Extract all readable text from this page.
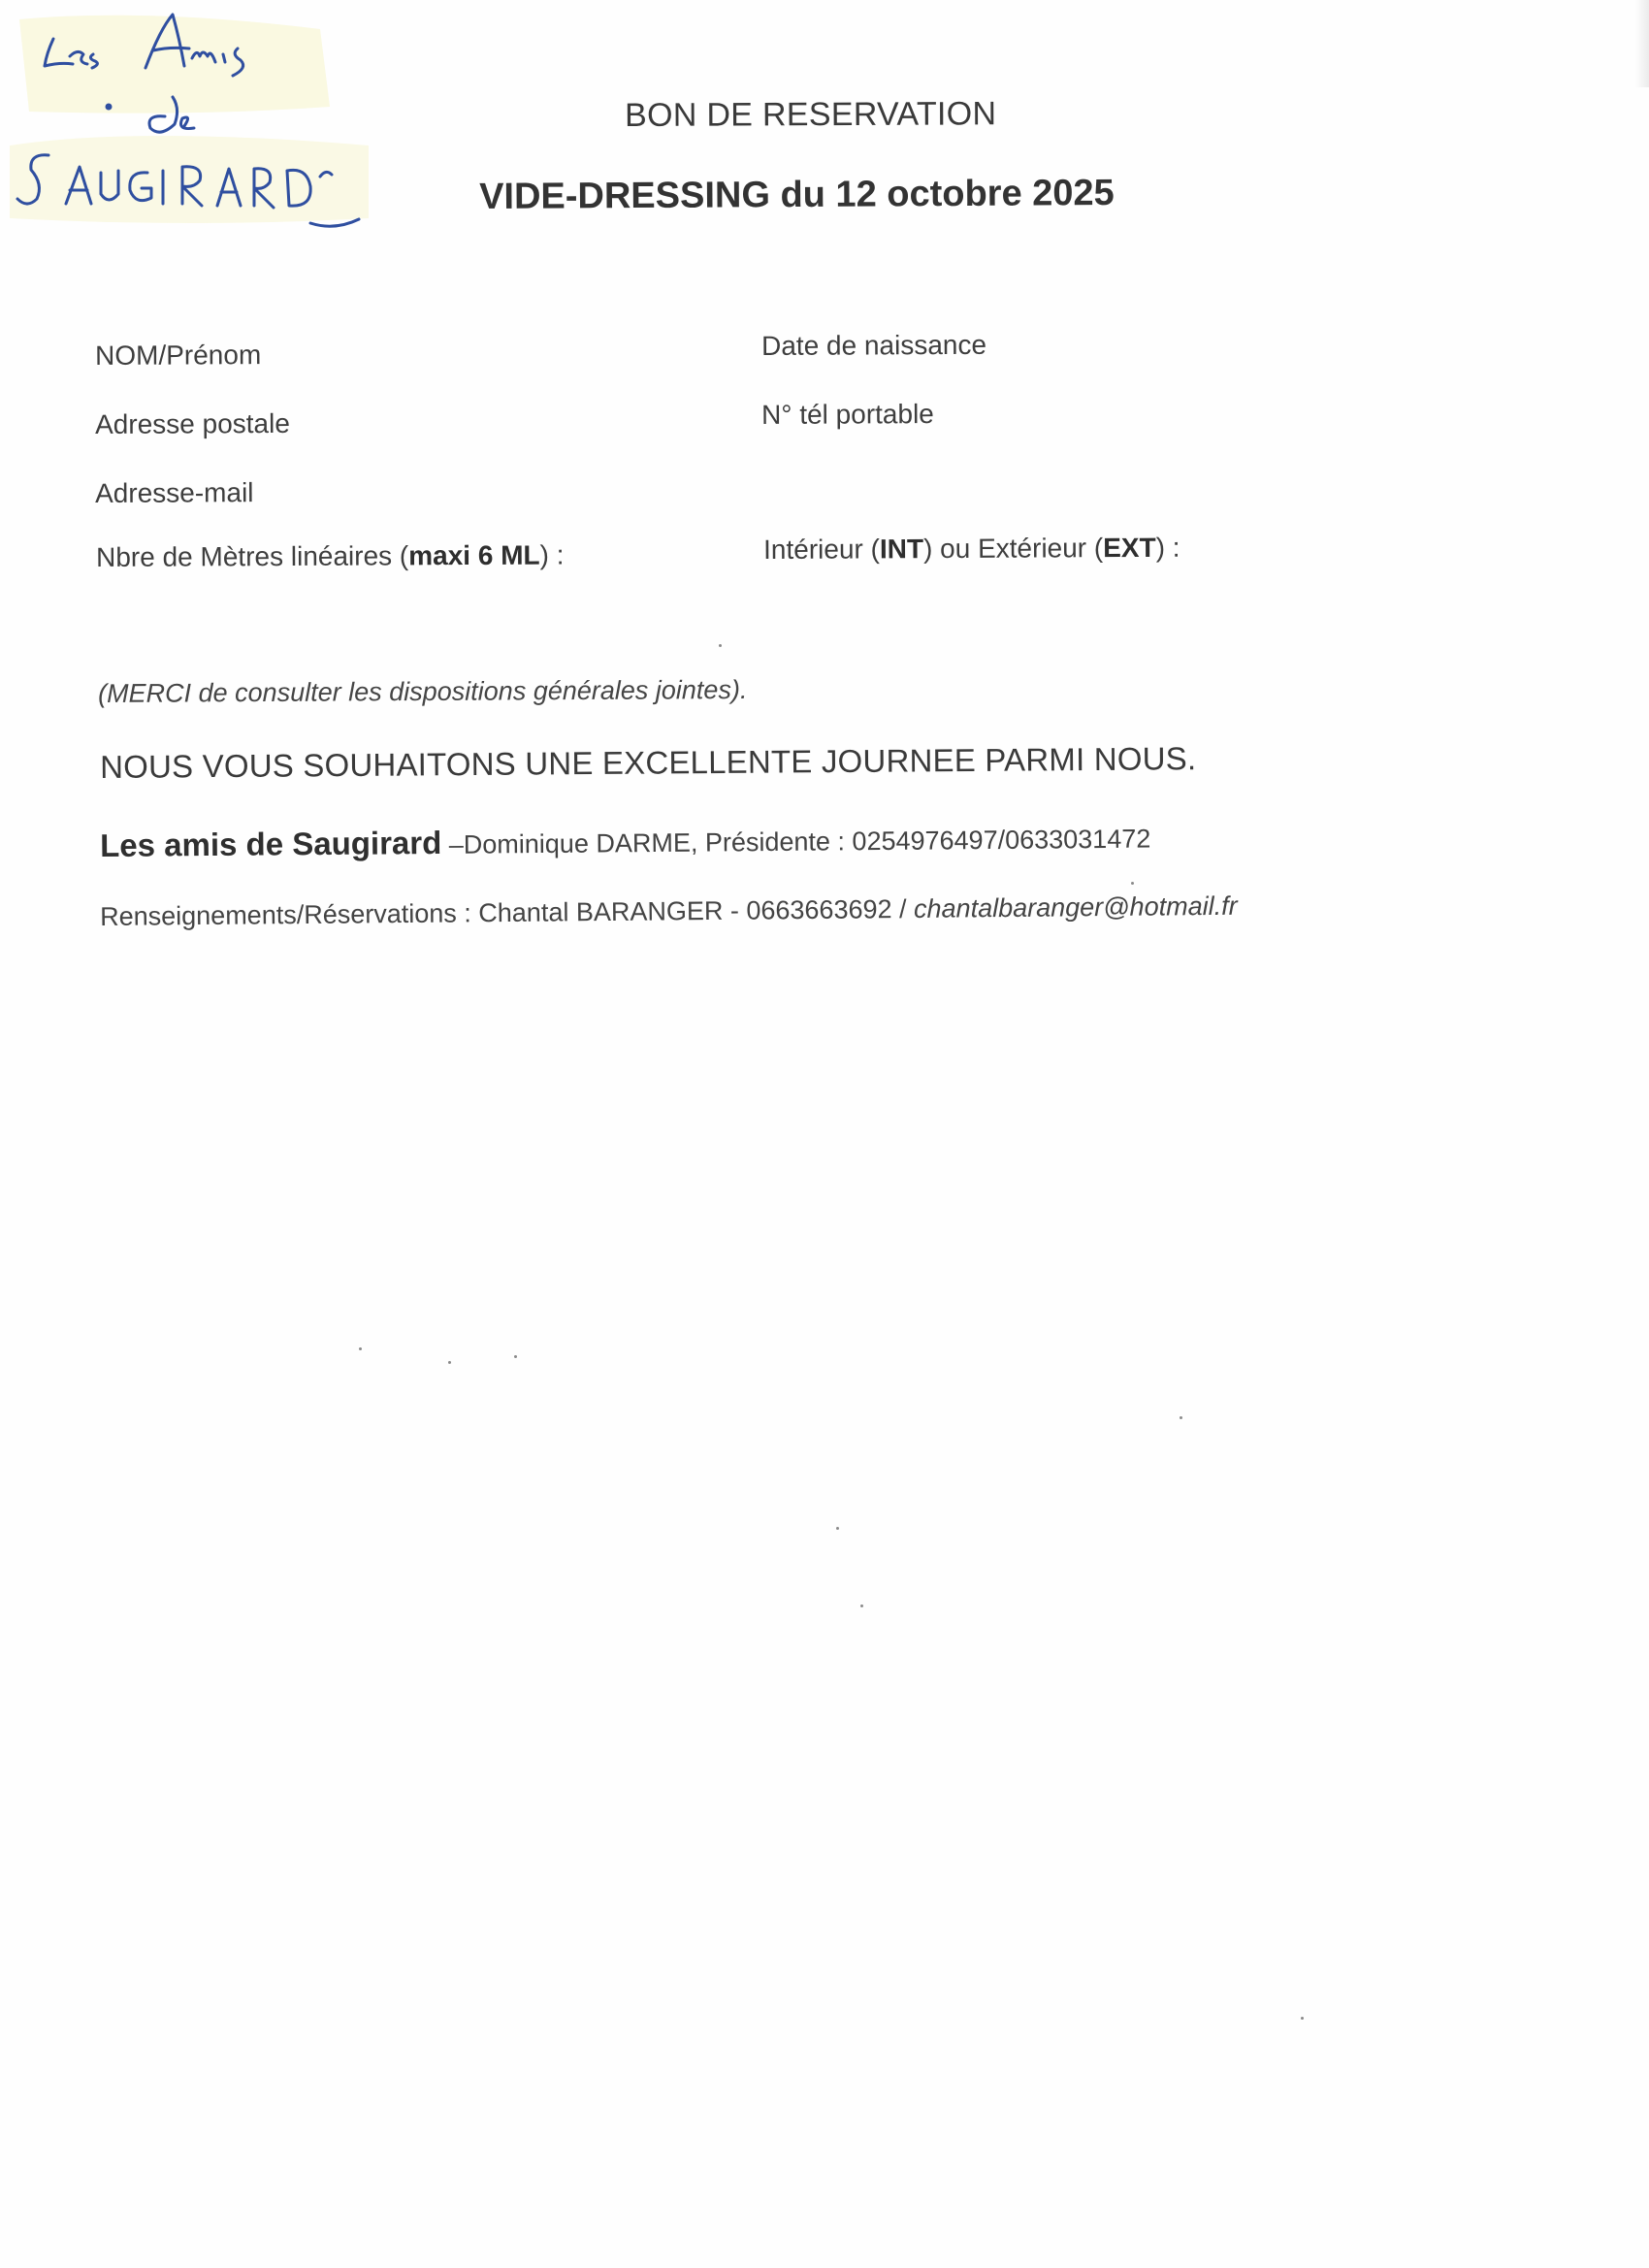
BON DE RESERVATION
VIDE-DRESSING du 12 octobre 2025
NOM/Prénom	Date de naissance
Adresse postale	N° tél portable
Adresse-mail
Nbre de Mètres linéaires (maxi 6 ML) :	Intérieur (INT) ou Extérieur (EXT) :
(MERCI de consulter les dispositions générales jointes).
NOUS VOUS SOUHAITONS UNE EXCELLENTE JOURNEE PARMI NOUS.
Les amis de Saugirard –Dominique DARME, Présidente : 0254976497/0633031472
Renseignements/Réservations : Chantal BARANGER - 0663663692 / chantalbaranger@hotmail.fr
